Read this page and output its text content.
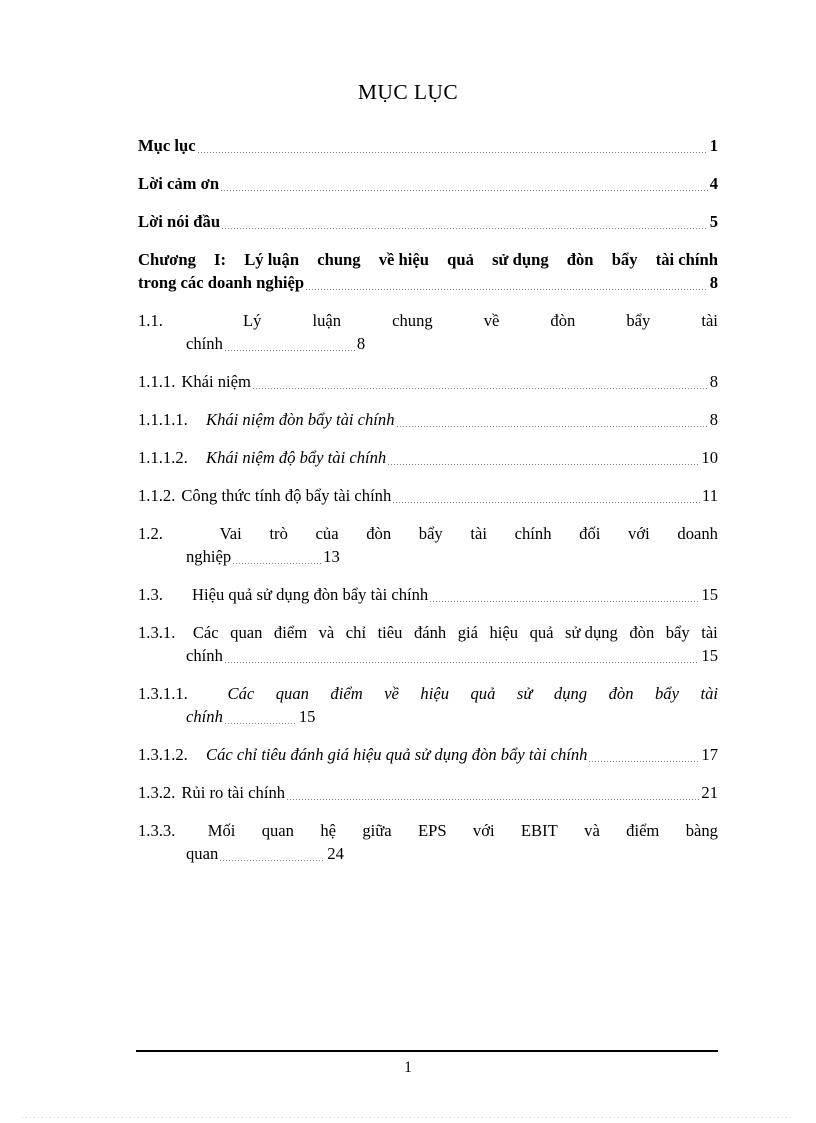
MỤC LỤC
Mục lục	1
Lời cảm ơn	4
Lời nói đầu	5
Chương I: Lý luận chung về hiệu quả sử dụng đòn bẩy tài chính
trong các doanh nghiệp	8
1.1.	Lý	luận	chung	về	đòn	bẩy	tài
chính	8
1.1.1. Khái niệm	8
1.1.1.1.	Khái niệm đòn bẩy tài chính	8
1.1.1.2.	Khái niệm độ bẩy tài chính	10
1.1.2. Công thức tính độ bẩy tài chính	11
1.2.	Vai trò của đòn bẩy tài chính đối với doanh
nghiệp	13
1.3.	Hiệu quả sử dụng đòn bẩy tài chính	15
1.3.1. Các quan điểm và chỉ tiêu đánh giá hiệu quả sử dụng đòn bẩy tài
chính	15
1.3.1.1.	Các quan điểm về hiệu quả sử dụng đòn bẩy tài
chính	15
1.3.1.2.	Các chỉ tiêu đánh giá hiệu quả sử dụng đòn bẩy tài chính	17
1.3.2. Rủi ro tài chính	21
1.3.3. Mối quan hệ giữa EPS với EBIT và điểm bàng
quan	24
1
